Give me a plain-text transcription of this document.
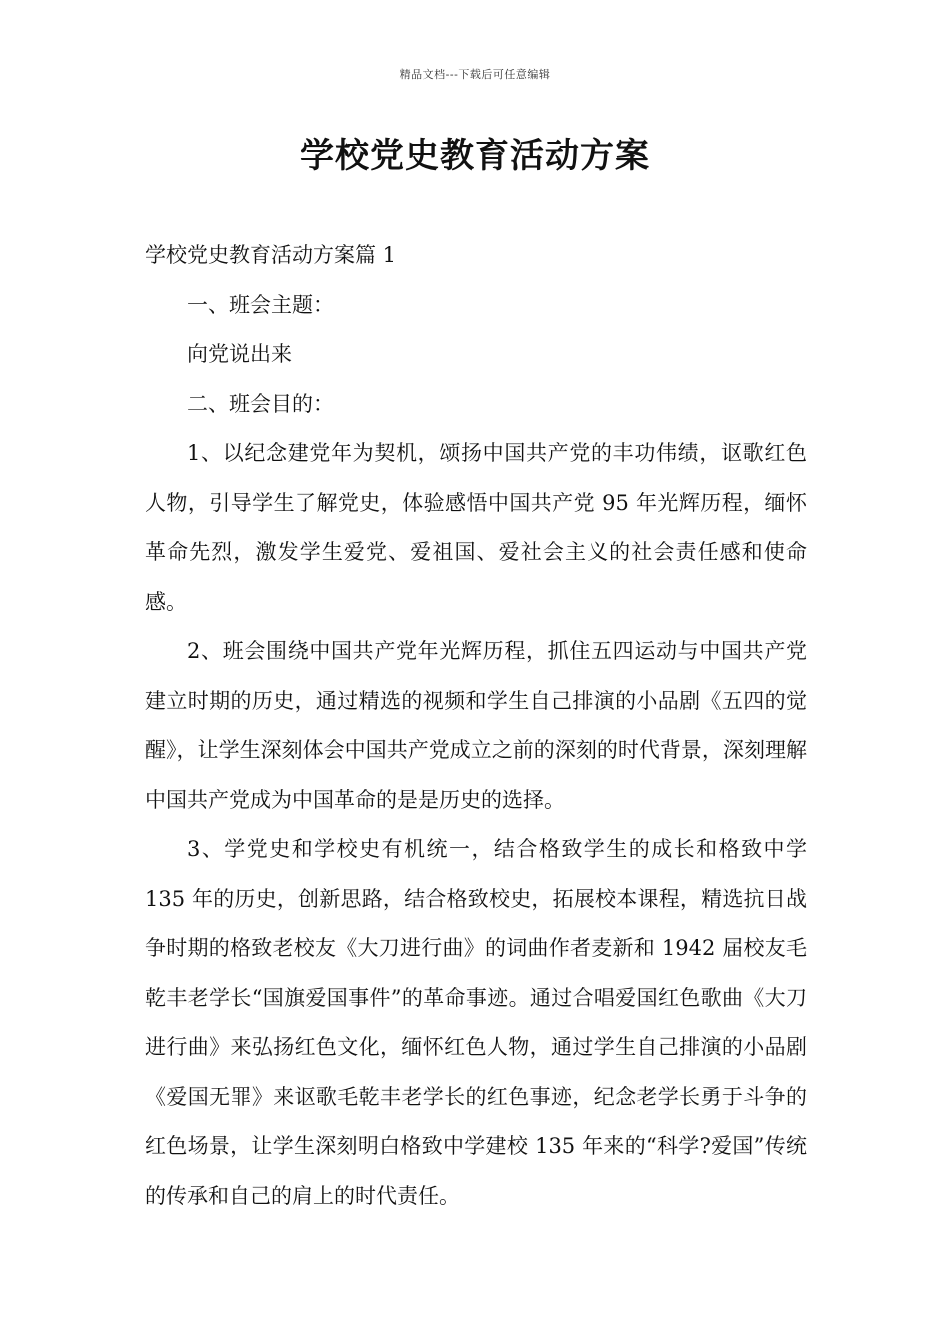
精品文档---下载后可任意编辑
学校党史教育活动方案

学校党史教育活动方案篇 1

一、班会主题：

向党说出来

二、班会目的：

1、以纪念建党年为契机，颂扬中国共产党的丰功伟绩，讴歌红色人物，引导学生了解党史，体验感悟中国共产党 95 年光辉历程，缅怀革命先烈，激发学生爱党、爱祖国、爱社会主义的社会责任感和使命感。

2、班会围绕中国共产党年光辉历程，抓住五四运动与中国共产党建立时期的历史，通过精选的视频和学生自己排演的小品剧《五四的觉醒》，让学生深刻体会中国共产党成立之前的深刻的时代背景，深刻理解中国共产党成为中国革命的是是历史的选择。

3、学党史和学校史有机统一，结合格致学生的成长和格致中学 135 年的历史，创新思路，结合格致校史，拓展校本课程，精选抗日战争时期的格致老校友《大刀进行曲》的词曲作者麦新和 1942 届校友毛乾丰老学长“国旗爱国事件”的革命事迹。通过合唱爱国红色歌曲《大刀进行曲》来弘扬红色文化，缅怀红色人物，通过学生自己排演的小品剧《爱国无罪》来讴歌毛乾丰老学长的红色事迹，纪念老学长勇于斗争的红色场景，让学生深刻明白格致中学建校 135 年来的“科学?爱国”传统的传承和自己的肩上的时代责任。
